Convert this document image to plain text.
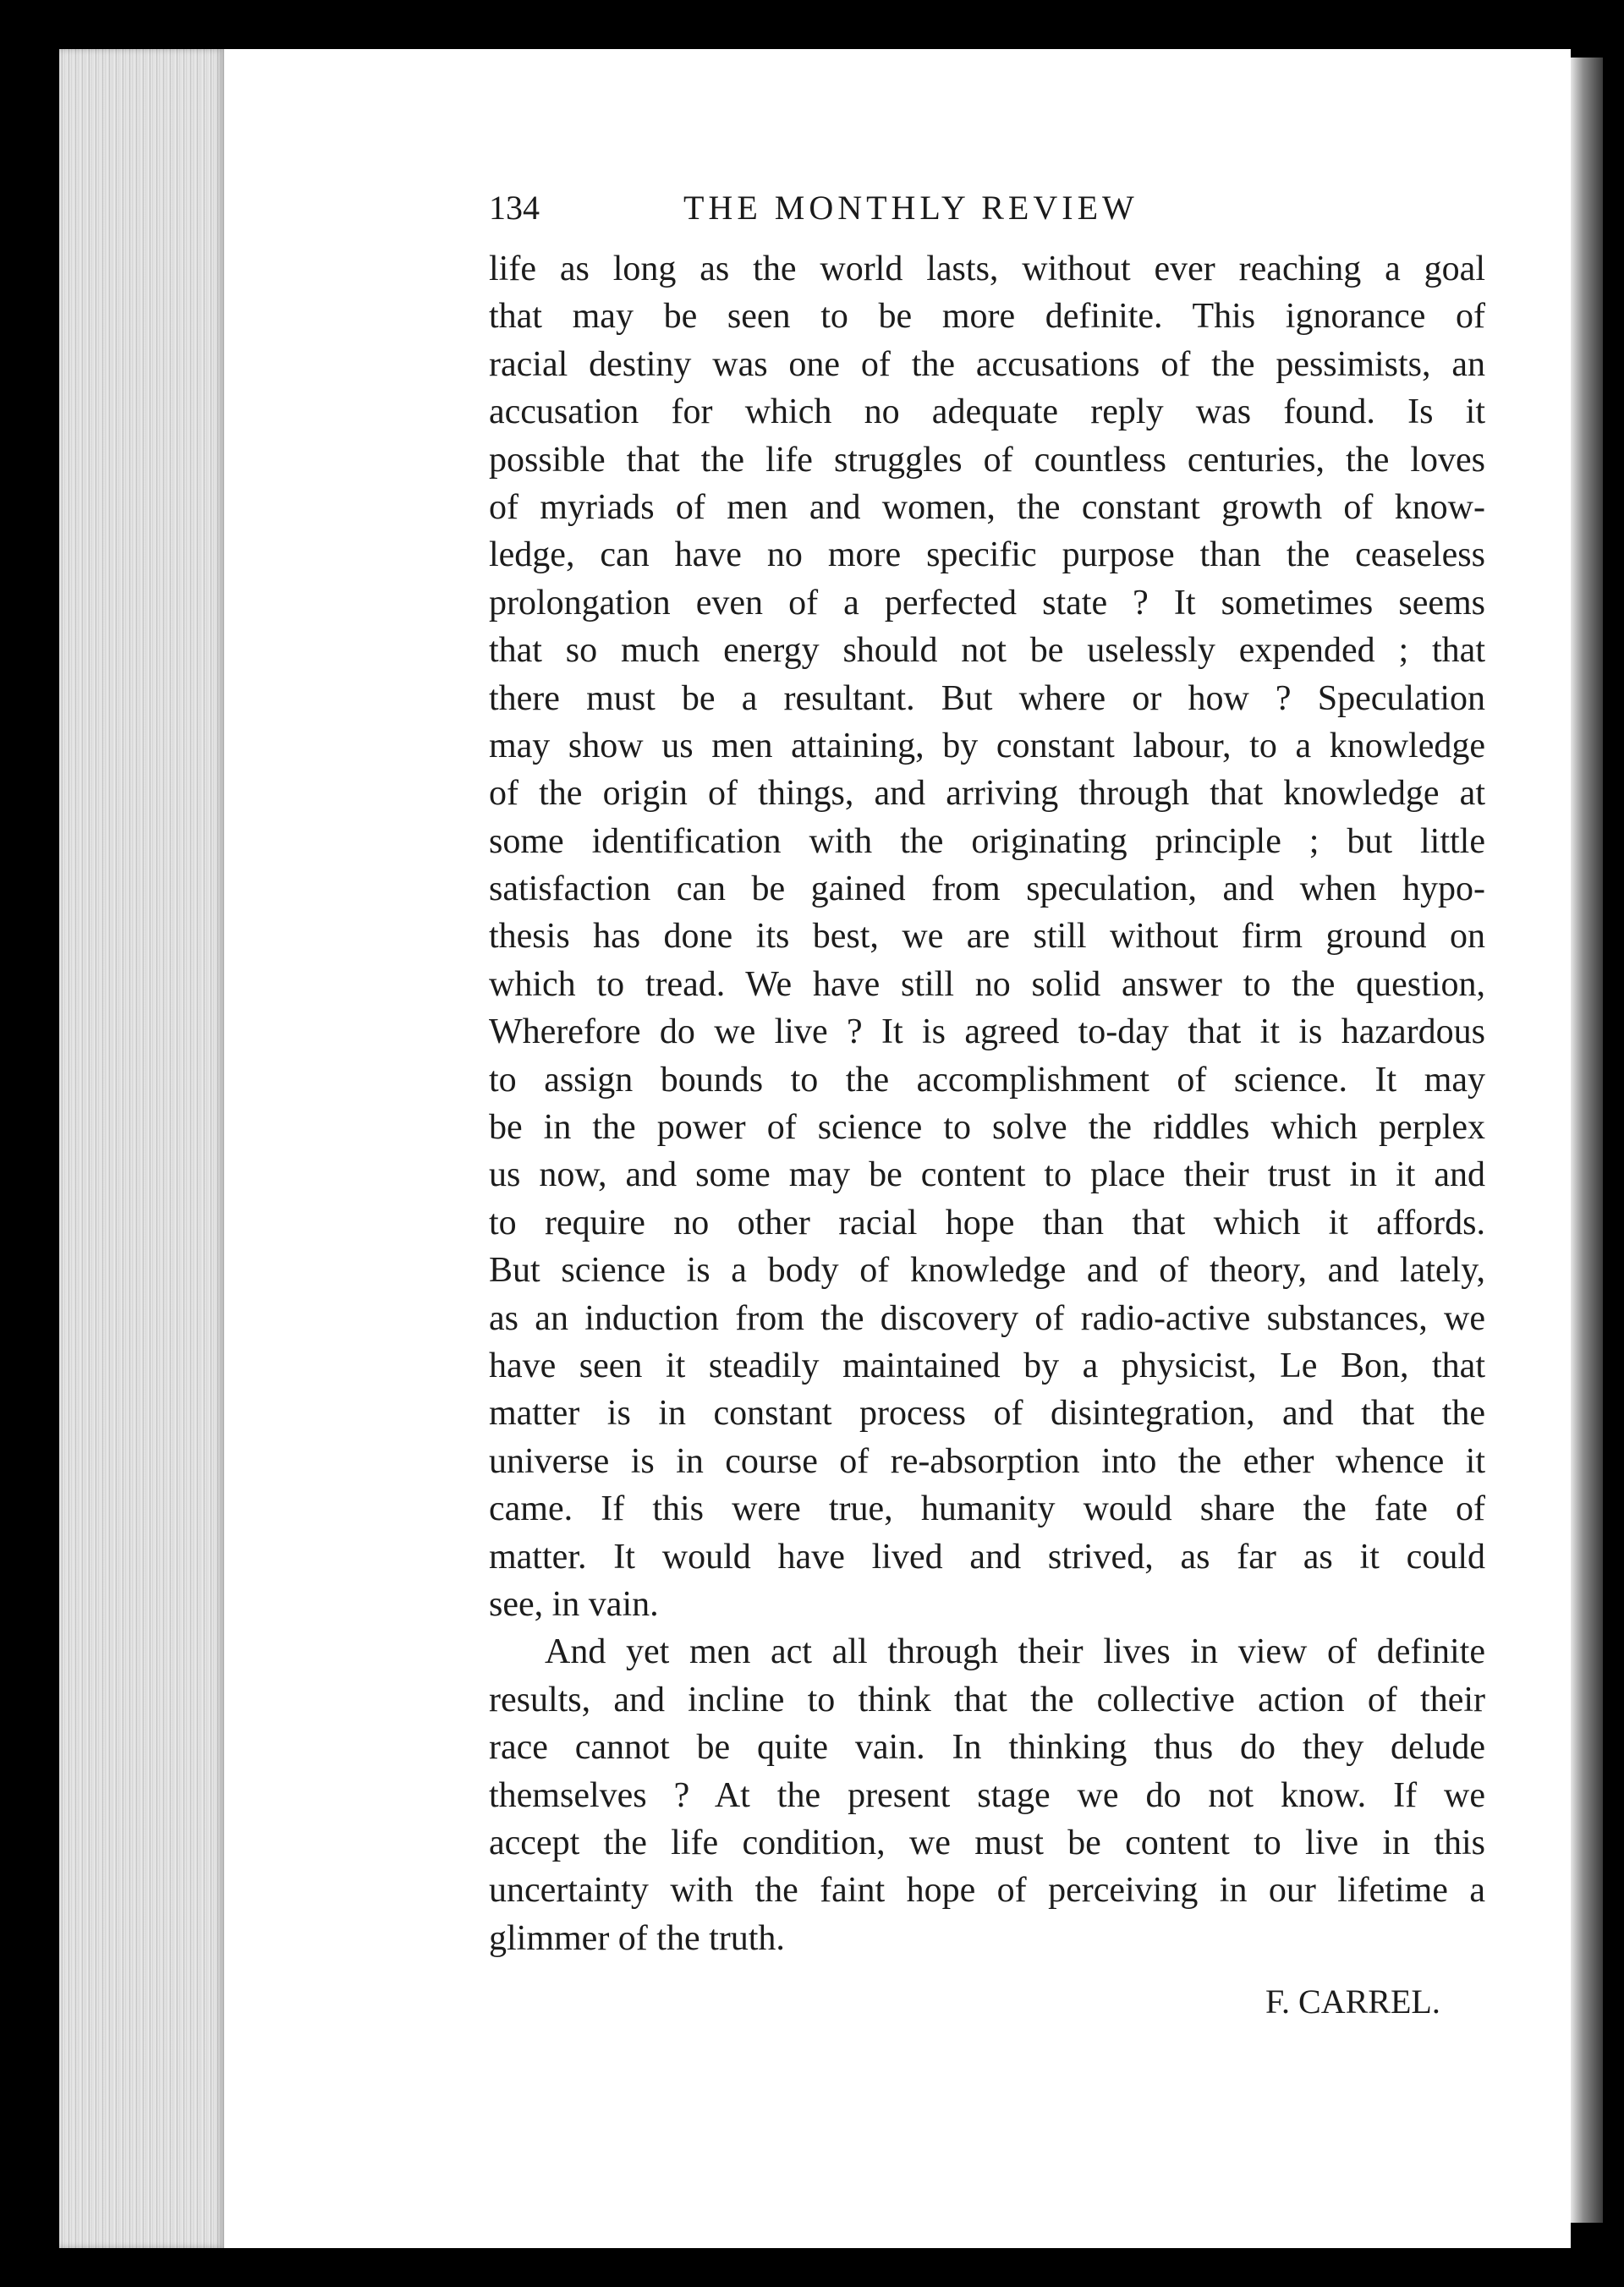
134	THE MONTHLY REVIEW
life as long as the world lasts, without ever reaching a goal
that may be seen to be more definite. This ignorance of
racial destiny was one of the accusations of the pessimists, an
accusation for which no adequate reply was found. Is it
possible that the life struggles of countless centuries, the loves
of myriads of men and women, the constant growth of know-
ledge, can have no more specific purpose than the ceaseless
prolongation even of a perfected state ? It sometimes seems
that so much energy should not be uselessly expended ; that
there must be a resultant. But where or how ? Speculation
may show us men attaining, by constant labour, to a knowledge
of the origin of things, and arriving through that knowledge at
some identification with the originating principle ; but little
satisfaction can be gained from speculation, and when hypo-
thesis has done its best, we are still without firm ground on
which to tread. We have still no solid answer to the question,
Wherefore do we live ? It is agreed to-day that it is hazardous
to assign bounds to the accomplishment of science. It may
be in the power of science to solve the riddles which perplex
us now, and some may be content to place their trust in it and
to require no other racial hope than that which it affords.
But science is a body of knowledge and of theory, and lately,
as an induction from the discovery of radio-active substances, we
have seen it steadily maintained by a physicist, Le Bon, that
matter is in constant process of disintegration, and that the
universe is in course of re-absorption into the ether whence it
came. If this were true, humanity would share the fate of
matter. It would have lived and strived, as far as it could
see, in vain.
And yet men act all through their lives in view of definite
results, and incline to think that the collective action of their
race cannot be quite vain. In thinking thus do they delude
themselves ? At the present stage we do not know. If we
accept the life condition, we must be content to live in this
uncertainty with the faint hope of perceiving in our lifetime a
glimmer of the truth.
F. CARREL.
